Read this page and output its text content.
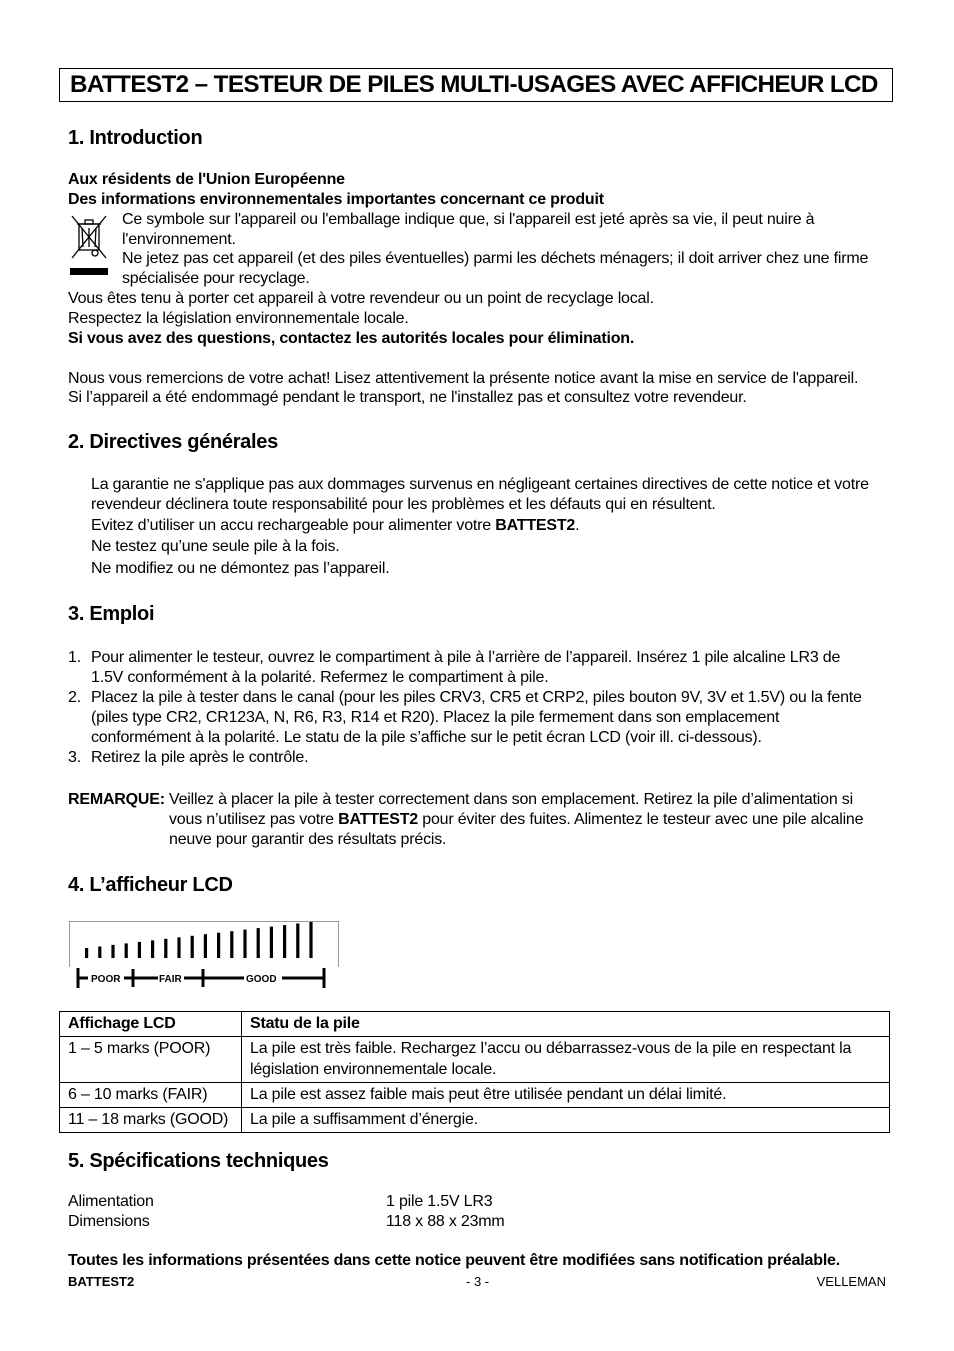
BATTEST2 – TESTEUR DE PILES MULTI-USAGES AVEC AFFICHEUR LCD
1. Introduction
Aux résidents de l'Union Européenne
Des informations environnementales importantes concernant ce produit
Ce symbole sur l'appareil ou l'emballage indique que, si l'appareil est jeté après sa vie, il peut nuire à
l'environnement.
Ne jetez pas cet appareil (et des piles éventuelles) parmi les déchets ménagers; il doit arriver chez une firme
spécialisée pour recyclage.
Vous êtes tenu à porter cet appareil à votre revendeur ou un point de recyclage local.
Respectez la législation environnementale locale.
Si vous avez des questions, contactez les autorités locales pour élimination.
Nous vous remercions de votre achat! Lisez attentivement la présente notice avant la mise en service de l'appareil.
Si l’appareil a été endommagé pendant le transport, ne l'installez pas et consultez votre revendeur.
2. Directives générales
La garantie ne s'applique pas aux dommages survenus en négligeant certaines directives de cette notice et votre
revendeur déclinera toute responsabilité pour les problèmes et les défauts qui en résultent.
Evitez d’utiliser un accu rechargeable pour alimenter votre BATTEST2.
Ne testez qu’une seule pile à la fois.
Ne modifiez ou ne démontez pas l’appareil.
3. Emploi
1. Pour alimenter le testeur, ouvrez le compartiment à pile à l’arrière de l’appareil. Insérez 1 pile alcaline LR3 de
1.5V conformément à la polarité. Refermez le compartiment à pile.
2. Placez la pile à tester dans le canal (pour les piles CRV3, CR5 et CRP2, piles bouton 9V, 3V et 1.5V) ou la fente
(piles type CR2, CR123A, N, R6, R3, R14 et R20). Placez la pile fermement dans son emplacement
conformément à la polarité. Le statu de la pile s’affiche sur le petit écran LCD (voir ill. ci-dessous).
3. Retirez la pile après le contrôle.
REMARQUE: Veillez à placer la pile à tester correctement dans son emplacement. Retirez la pile d’alimentation si
vous n’utilisez pas votre BATTEST2 pour éviter des fuites. Alimentez le testeur avec une pile alcaline
neuve pour garantir des résultats précis.
4. L’afficheur LCD
POOR	FAIR	GOOD
Affichage LCD	Statu de la pile
1 – 5 marks (POOR)	La pile est très faible. Rechargez l’accu ou débarrassez-vous de la pile en respectant la
législation environnementale locale.
6 – 10 marks (FAIR)	La pile est assez faible mais peut être utilisée pendant un délai limité.
11 – 18 marks (GOOD)	La pile a suffisamment d’énergie.
5. Spécifications techniques
Alimentation	1 pile 1.5V LR3
Dimensions	118 x 88 x 23mm
Toutes les informations présentées dans cette notice peuvent être modifiées sans notification préalable.
BATTEST2	- 3 -	VELLEMAN
